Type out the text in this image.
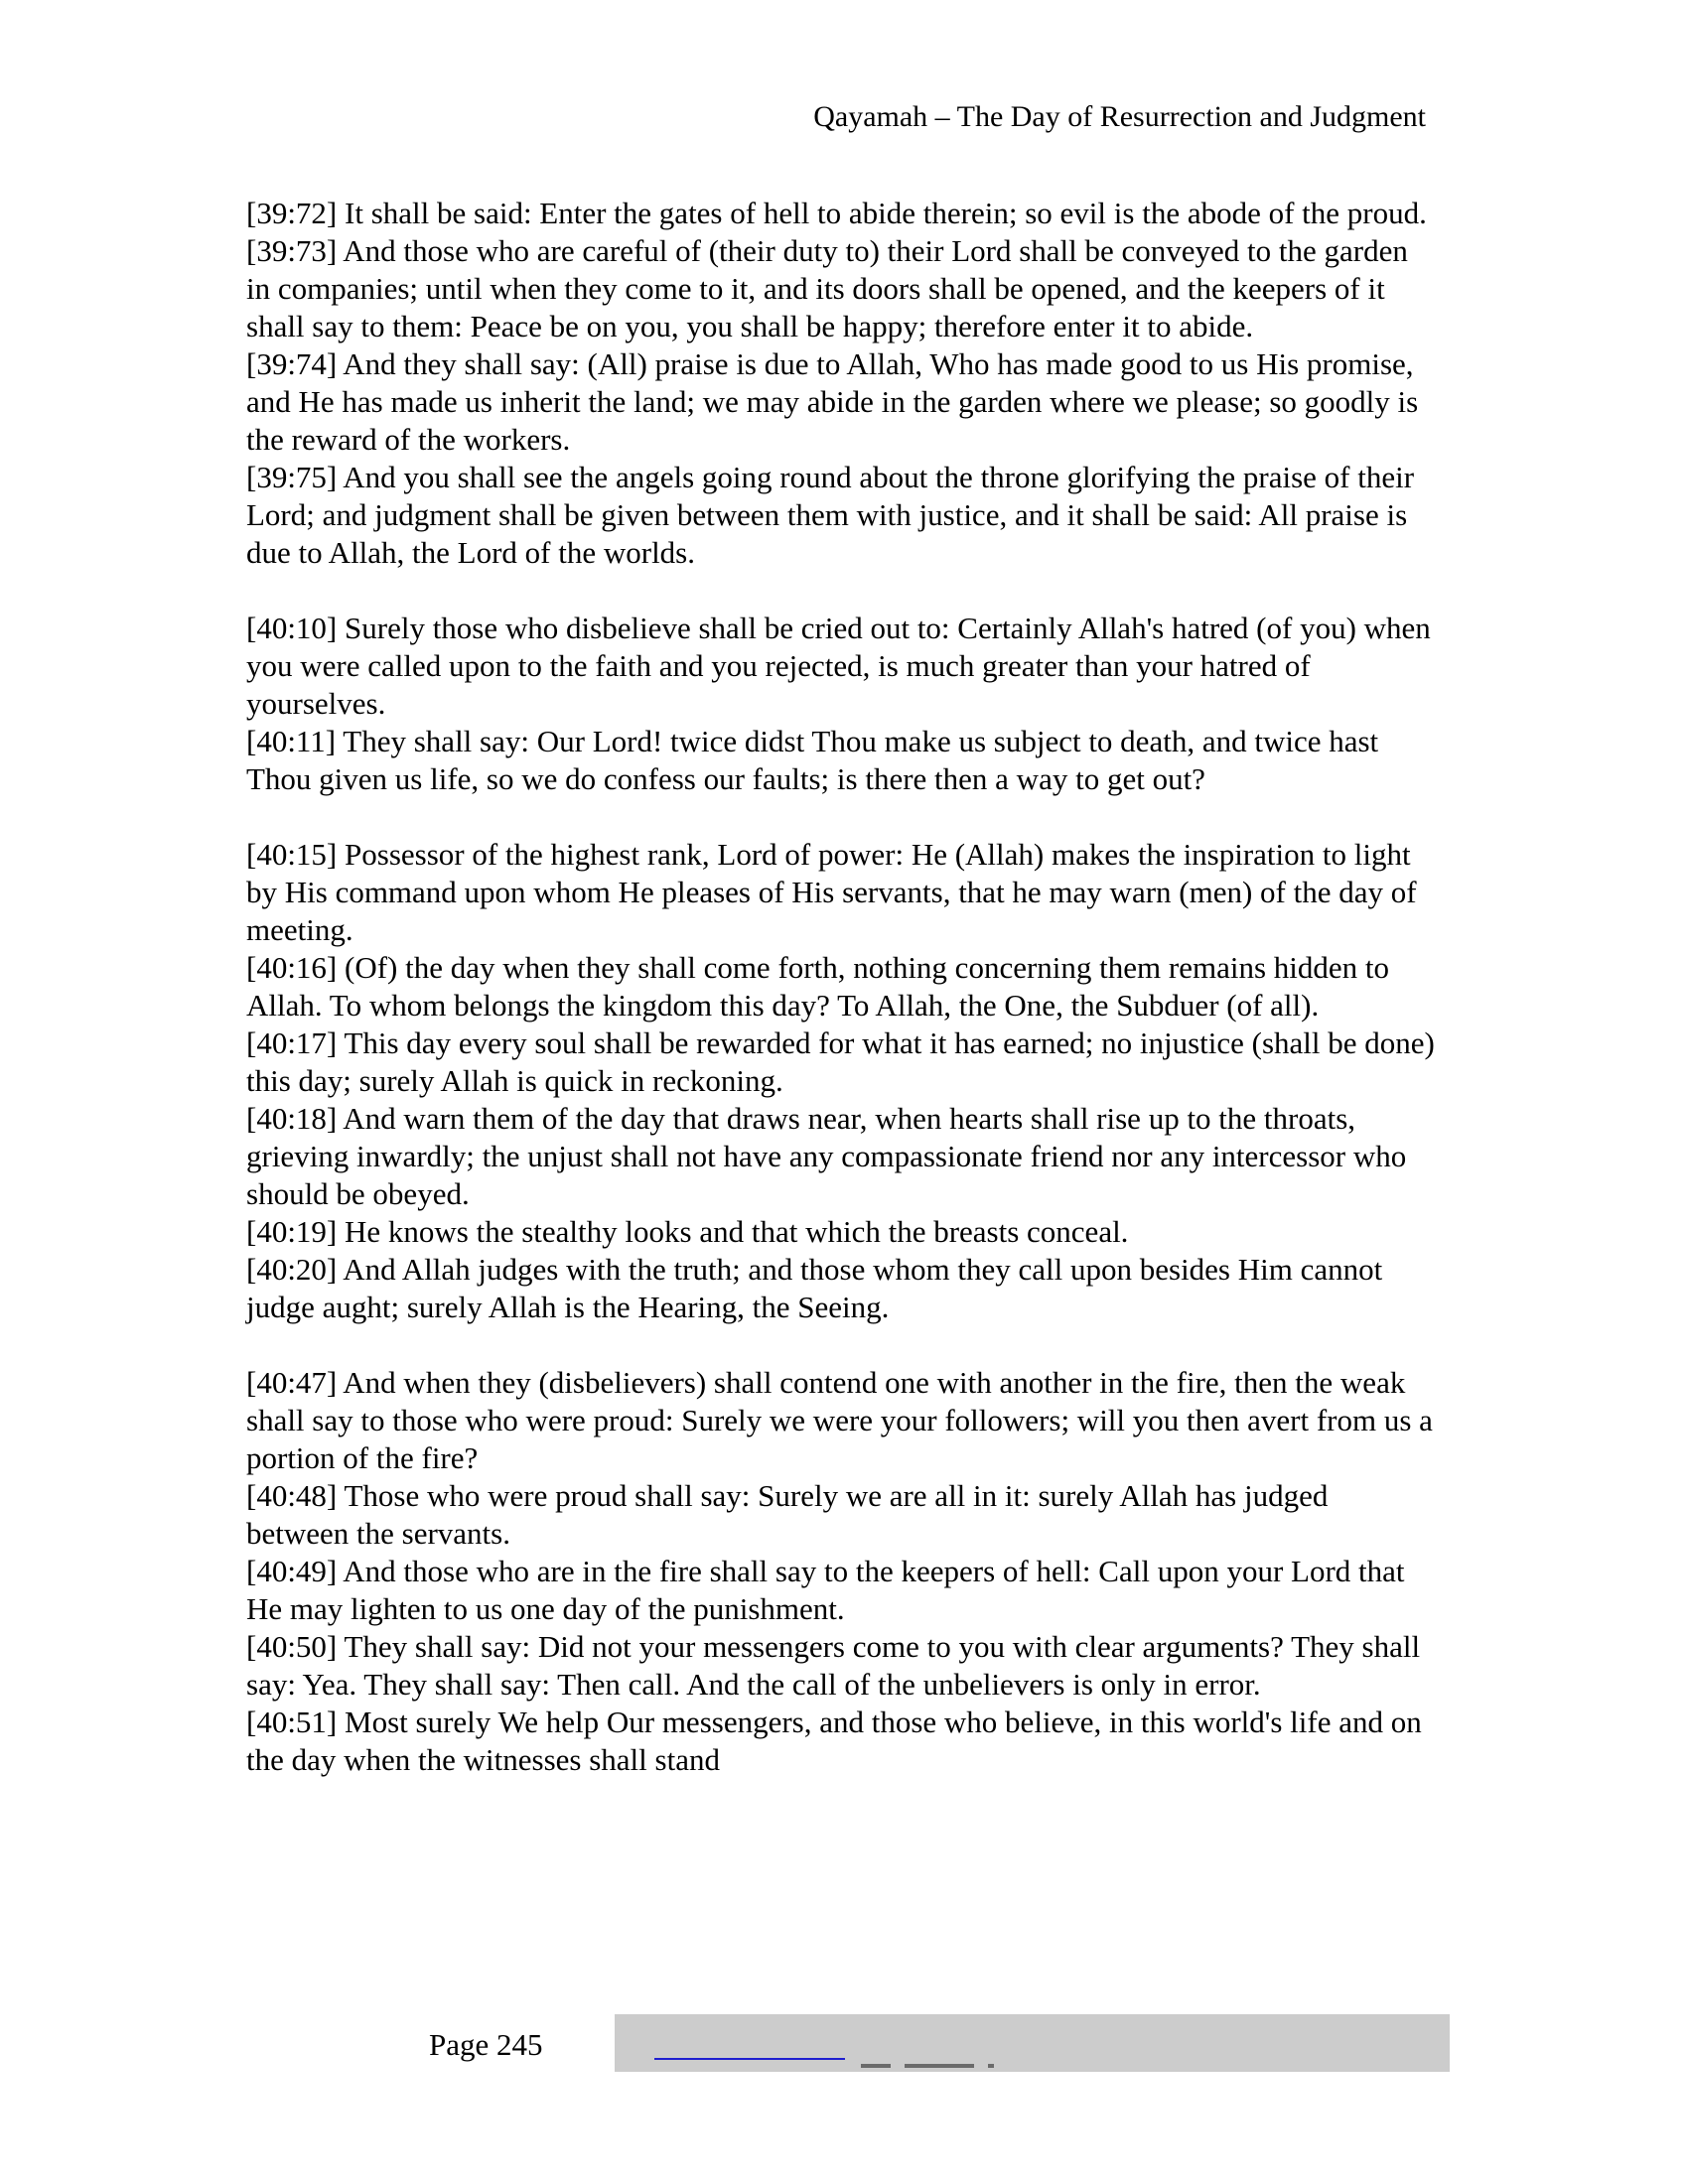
Qayamah – The Day of Resurrection and Judgment

[39:72] It shall be said: Enter the gates of hell to abide therein; so evil is the abode of the proud.

[39:73] And those who are careful of (their duty to) their Lord shall be conveyed to the garden in companies; until when they come to it, and its doors shall be opened, and the keepers of it shall say to them: Peace be on you, you shall be happy; therefore enter it to abide.

[39:74] And they shall say: (All) praise is due to Allah, Who has made good to us His promise, and He has made us inherit the land; we may abide in the garden where we please; so goodly is the reward of the workers.

[39:75] And you shall see the angels going round about the throne glorifying the praise of their Lord; and judgment shall be given between them with justice, and it shall be said: All praise is due to Allah, the Lord of the worlds.

[40:10] Surely those who disbelieve shall be cried out to: Certainly Allah's hatred (of you) when you were called upon to the faith and you rejected, is much greater than your hatred of yourselves.

[40:11] They shall say: Our Lord! twice didst Thou make us subject to death, and twice hast Thou given us life, so we do confess our faults; is there then a way to get out?

[40:15] Possessor of the highest rank, Lord of power: He (Allah) makes the inspiration to light by His command upon whom He pleases of His servants, that he may warn (men) of the day of meeting.

[40:16] (Of) the day when they shall come forth, nothing concerning them remains hidden to Allah. To whom belongs the kingdom this day? To Allah, the One, the Subduer (of all).

[40:17] This day every soul shall be rewarded for what it has earned; no injustice (shall be done) this day; surely Allah is quick in reckoning.

[40:18] And warn them of the day that draws near, when hearts shall rise up to the throats, grieving inwardly; the unjust shall not have any compassionate friend nor any intercessor who should be obeyed.

[40:19] He knows the stealthy looks and that which the breasts conceal.

[40:20] And Allah judges with the truth; and those whom they call upon besides Him cannot judge aught; surely Allah is the Hearing, the Seeing.

[40:47] And when they (disbelievers) shall contend one with another in the fire, then the weak shall say to those who were proud: Surely we were your followers; will you then avert from us a portion of the fire?

[40:48] Those who were proud shall say: Surely we are all in it: surely Allah has judged between the servants.

[40:49] And those who are in the fire shall say to the keepers of hell: Call upon your Lord that He may lighten to us one day of the punishment.

[40:50] They shall say: Did not your messengers come to you with clear arguments? They shall say: Yea. They shall say: Then call. And the call of the unbelievers is only in error.

[40:51] Most surely We help Our messengers, and those who believe, in this world's life and on the day when the witnesses shall stand

Page 245
